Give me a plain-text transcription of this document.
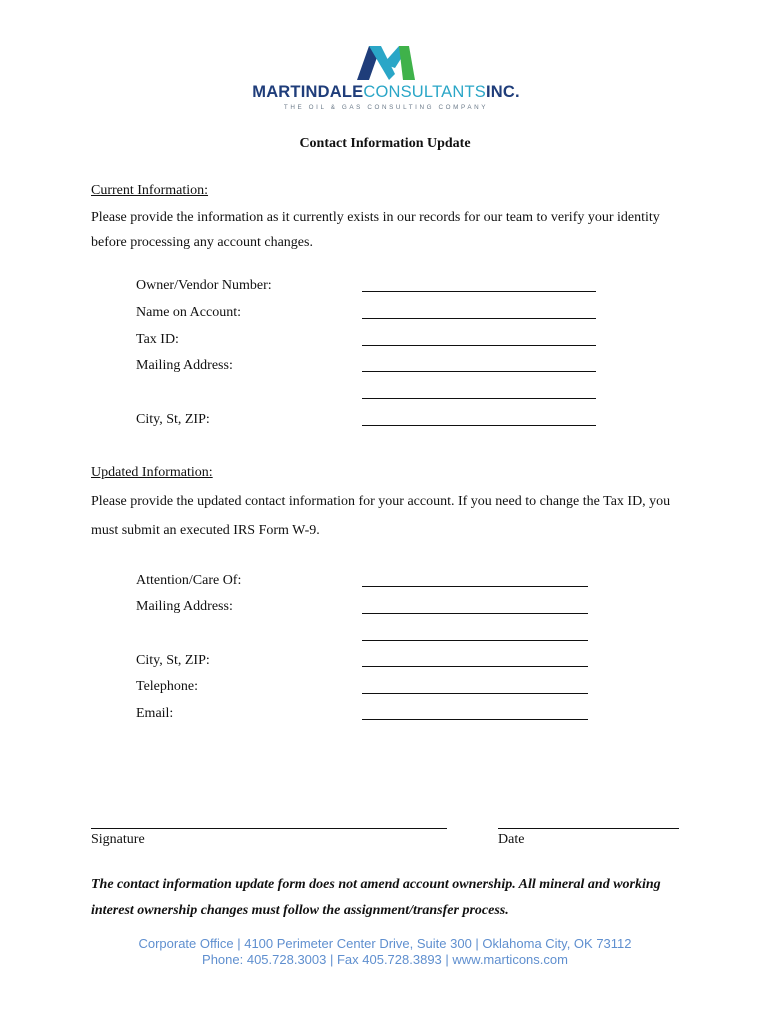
MARTINDALECONSULTANTSINC.
THE OIL & GAS CONSULTING COMPANY
Contact Information Update
Current Information:
Please provide the information as it currently exists in our records for our team to verify your identity before processing any account changes.
Owner/Vendor Number:
Name on Account:
Tax ID:
Mailing Address:
City, St, ZIP:
Updated Information:
Please provide the updated contact information for your account. If you need to change the Tax ID, you must submit an executed IRS Form W-9.
Attention/Care Of:
Mailing Address:
City, St, ZIP:
Telephone:
Email:
Signature	Date
The contact information update form does not amend account ownership. All mineral and working interest ownership changes must follow the assignment/transfer process.
Corporate Office | 4100 Perimeter Center Drive, Suite 300 | Oklahoma City, OK 73112
Phone: 405.728.3003 | Fax 405.728.3893 | www.marticons.com
